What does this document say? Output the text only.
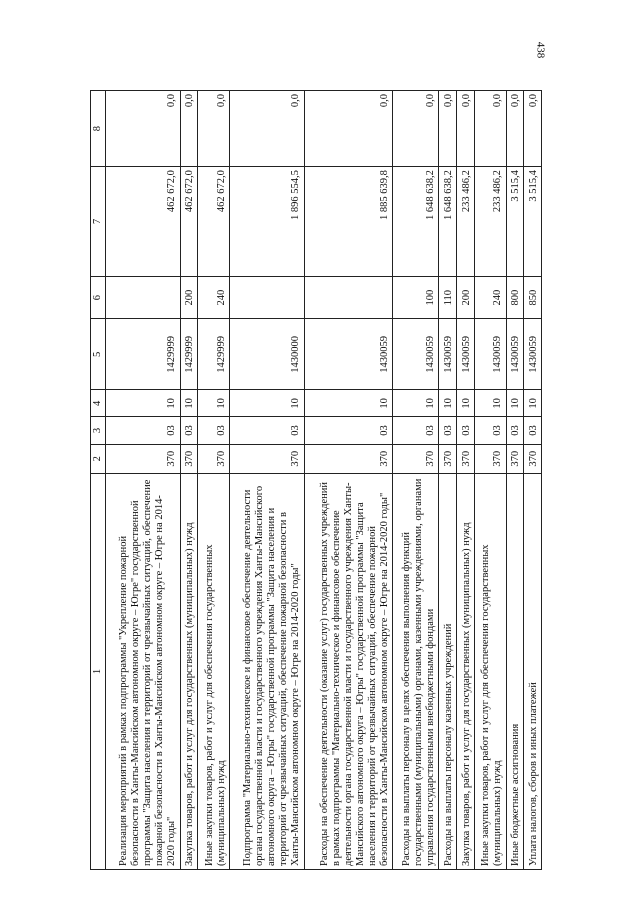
438
1	2	3	4	5	6	7	8
Реализация мероприятий в рамках подпрограммы "Укрепление пожарной безопасности в Ханты-Мансийском автономном округе – Югре" государственной программы "Защита населения и территорий от чрезвычайных ситуаций, обеспечение пожарной безопасности в Ханты-Мансийском автономном округе – Югре на 2014-2020 годы"	370	03	10	1429999		462 672,0	0,0
Закупка товаров, работ и услуг для государственных (муниципальных) нужд	370	03	10	1429999	200	462 672,0	0,0
Иные закупки товаров, работ и услуг для обеспечения государственных (муниципальных) нужд	370	03	10	1429999	240	462 672,0	0,0
Подпрограмма "Материально-техническое и финансовое обеспечение деятельности органа государственной власти и государственного учреждения Ханты-Мансийского автономного округа – Югры" государственной программы "Защита населения и территорий от чрезвычайных ситуаций, обеспечение пожарной безопасности в Ханты-Мансийском автономном округе – Югре на 2014-2020 годы"	370	03	10	1430000		1 896 554,5	0,0
Расходы на обеспечение деятельности (оказание услуг) государственных учреждений в рамках подпрограммы "Материально-техническое и финансовое обеспечение деятельности органа государственной власти и государственного учреждения Ханты-Мансийского автономного округа – Югры" государственной программы "Защита населения и территорий от чрезвычайных ситуаций, обеспечение пожарной безопасности в Ханты-Мансийском автономном округе – Югре на 2014-2020 годы"	370	03	10	1430059		1 885 639,8	0,0
Расходы на выплаты персоналу в целях обеспечения выполнения функций государственными (муниципальными) органами, казенными учреждениями, органами управления государственными внебюджетными фондами	370	03	10	1430059	100	1 648 638,2	0,0
Расходы на выплаты персоналу казенных учреждений	370	03	10	1430059	110	1 648 638,2	0,0
Закупка товаров, работ и услуг для государственных (муниципальных) нужд	370	03	10	1430059	200	233 486,2	0,0
Иные закупки товаров, работ и услуг для обеспечения государственных (муниципальных) нужд	370	03	10	1430059	240	233 486,2	0,0
Иные бюджетные ассигнования	370	03	10	1430059	800	3 515,4	0,0
Уплата налогов, сборов и иных платежей	370	03	10	1430059	850	3 515,4	0,0
